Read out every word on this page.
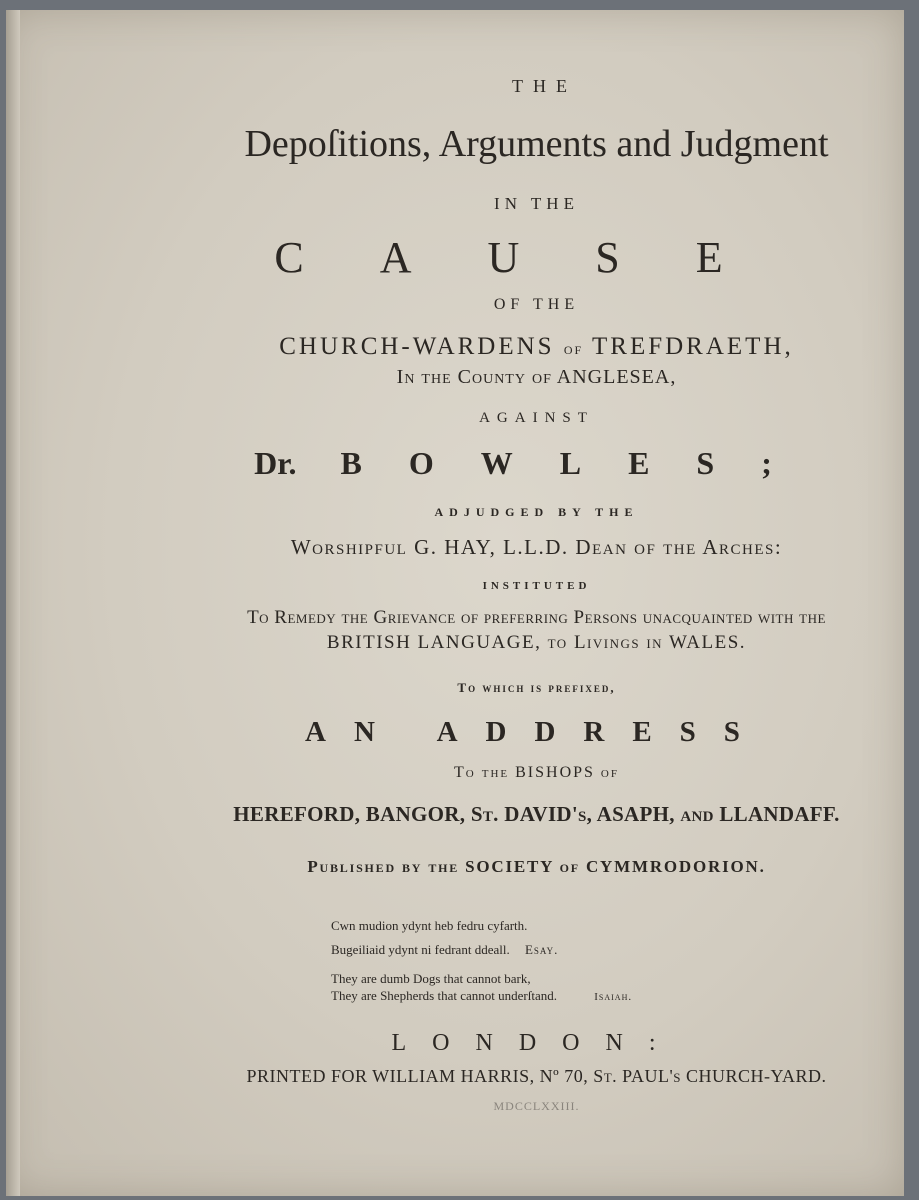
THE

Depoſitions, Arguments and Judgment

IN THE

CAUSE

OF THE

CHURCH-WARDENS of TREFDRAETH,

In the County of ANGLESEA,

AGAINST

Dr. BOWLES;

ADJUDGED BY THE

Worshipful G. HAY, L.L.D. Dean of the Arches:

INSTITUTED

To Remedy the Grievance of preferring Perſons unacquainted with the

BRITISH LANGUAGE, to Livings in WALES.

To which is prefixed,

AN ADDRESS

To the BISHOPS of

HEREFORD, BANGOR, St. DAVID's, ASAPH, and LLANDAFF.

Published by the SOCIETY of CYMMRODORION.

Cwn mudion ydynt heb fedru cyfarth.

Bugeiliaid ydynt ni fedrant ddeall. Esay.

They are dumb Dogs that cannot bark,

They are Shepherds that cannot underſtand.	Isaiah.

LONDON:

PRINTED FOR WILLIAM HARRIS, Nº 70, St. PAUL's CHURCH-YARD.

MDCCLXXIII.
